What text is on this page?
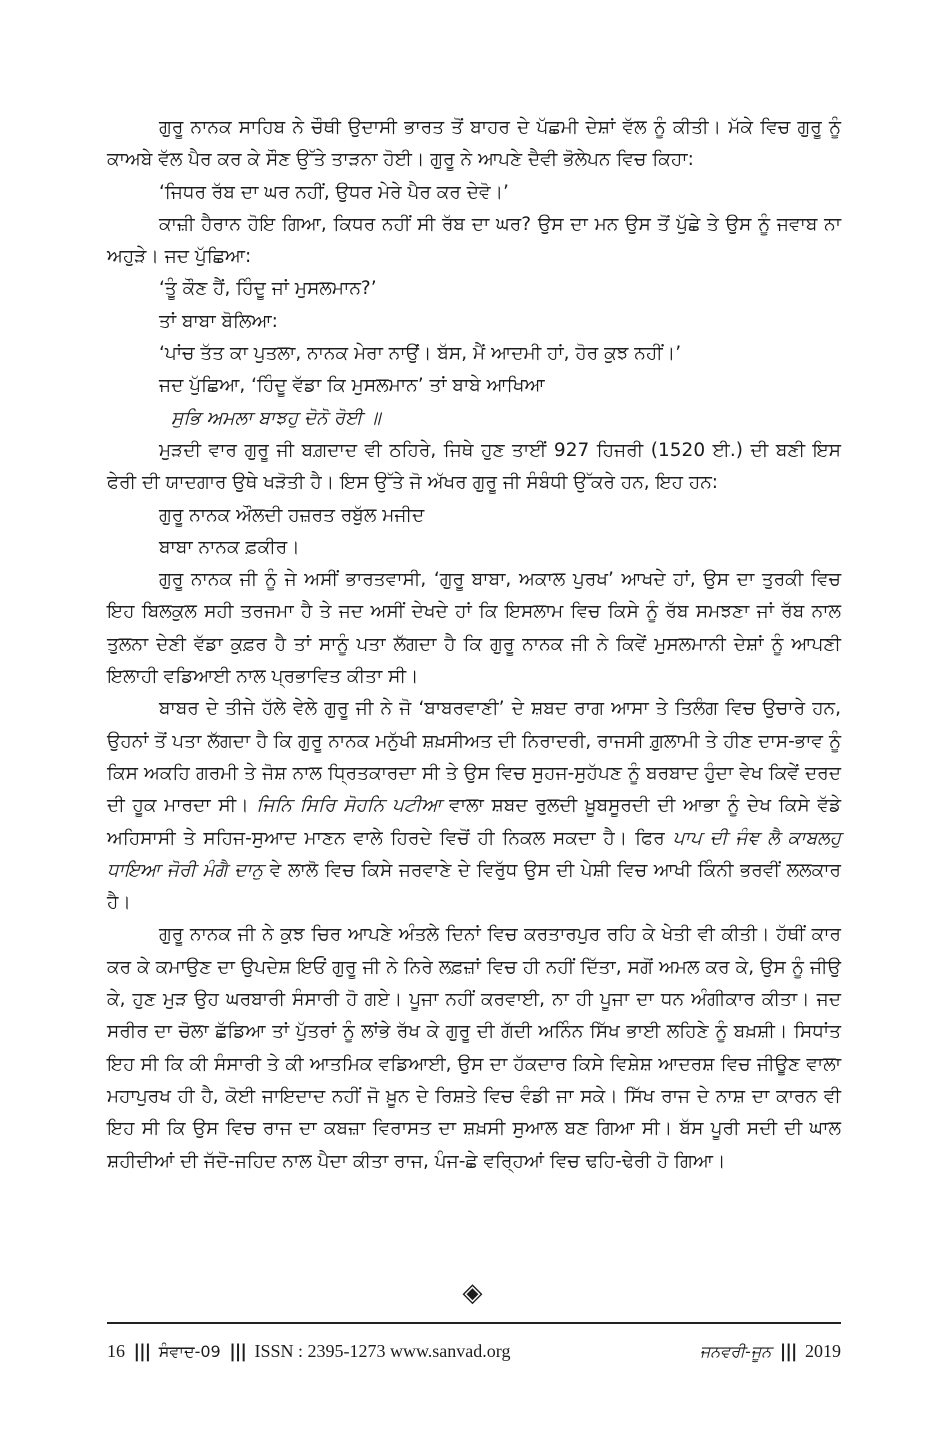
ਗੁਰੂ ਨਾਨਕ ਸਾਹਿਬ ਨੇ ਚੌਥੀ ਉਦਾਸੀ ਭਾਰਤ ਤੋਂ ਬਾਹਰ ਦੇ ਪੱਛਮੀ ਦੇਸ਼ਾਂ ਵੱਲ ਨੂੰ ਕੀਤੀ। ਮੱਕੇ ਵਿਚ ਗੁਰੂ ਨੂੰ ਕਾਅਬੇ ਵੱਲ ਪੈਰ ਕਰ ਕੇ ਸੌਣ ਉੱਤੇ ਤਾੜਨਾ ਹੋਈ। ਗੁਰੂ ਨੇ ਆਪਣੇ ਦੈਵੀ ਭੋਲੇਪਨ ਵਿਚ ਕਿਹਾ:

‘ਜਿਧਰ ਰੱਬ ਦਾ ਘਰ ਨਹੀਂ, ਉਧਰ ਮੇਰੇ ਪੈਰ ਕਰ ਦੇਵੋ।’

ਕਾਜ਼ੀ ਹੈਰਾਨ ਹੋਇ ਗਿਆ, ਕਿਧਰ ਨਹੀਂ ਸੀ ਰੱਬ ਦਾ ਘਰ? ਉਸ ਦਾ ਮਨ ਉਸ ਤੋਂ ਪੁੱਛੇ ਤੇ ਉਸ ਨੂੰ ਜਵਾਬ ਨਾ ਅਹੁੜੇ। ਜਦ ਪੁੱਛਿਆ:

‘ਤੂੰ ਕੌਣ ਹੈਂ, ਹਿੰਦੂ ਜਾਂ ਮੁਸਲਮਾਨ?’

ਤਾਂ ਬਾਬਾ ਬੋਲਿਆ:

‘ਪਾਂਚ ਤੱਤ ਕਾ ਪੁਤਲਾ, ਨਾਨਕ ਮੇਰਾ ਨਾਉਂ। ਬੱਸ, ਮੈਂ ਆਦਮੀ ਹਾਂ, ਹੋਰ ਕੁਝ ਨਹੀਂ।’

ਜਦ ਪੁੱਛਿਆ, ‘ਹਿੰਦੂ ਵੱਡਾ ਕਿ ਮੁਸਲਮਾਨ’ ਤਾਂ ਬਾਬੇ ਆਖਿਆ

ਸੁਭਿ ਅਮਲਾ ਬਾਝਹੁ ਦੋਨੋ ਰੋਈ ॥

ਮੁੜਦੀ ਵਾਰ ਗੁਰੂ ਜੀ ਬਗ਼ਦਾਦ ਵੀ ਠਹਿਰੇ, ਜਿਥੇ ਹੁਣ ਤਾਈਂ 927 ਹਿਜਰੀ (1520 ਈ.) ਦੀ ਬਣੀ ਇਸ ਫੇਰੀ ਦੀ ਯਾਦਗਾਰ ਉਥੇ ਖੜੋਤੀ ਹੈ। ਇਸ ਉੱਤੇ ਜੋ ਅੱਖਰ ਗੁਰੂ ਜੀ ਸੰਬੰਧੀ ਉੱਕਰੇ ਹਨ, ਇਹ ਹਨ:

ਗੁਰੂ ਨਾਨਕ ਔਲਦੀ ਹਜ਼ਰਤ ਰਬੁੱਲ ਮਜੀਦ

ਬਾਬਾ ਨਾਨਕ ਫ਼ਕੀਰ।

ਗੁਰੂ ਨਾਨਕ ਜੀ ਨੂੰ ਜੇ ਅਸੀਂ ਭਾਰਤਵਾਸੀ, ‘ਗੁਰੂ ਬਾਬਾ, ਅਕਾਲ ਪੁਰਖ’ ਆਖਦੇ ਹਾਂ, ਉਸ ਦਾ ਤੁਰਕੀ ਵਿਚ ਇਹ ਬਿਲਕੁਲ ਸਹੀ ਤਰਜਮਾ ਹੈ ਤੇ ਜਦ ਅਸੀਂ ਦੇਖਦੇ ਹਾਂ ਕਿ ਇਸਲਾਮ ਵਿਚ ਕਿਸੇ ਨੂੰ ਰੱਬ ਸਮਝਣਾ ਜਾਂ ਰੱਬ ਨਾਲ ਤੁਲਨਾ ਦੇਣੀ ਵੱਡਾ ਕੁਫ਼ਰ ਹੈ ਤਾਂ ਸਾਨੂੰ ਪਤਾ ਲੱਗਦਾ ਹੈ ਕਿ ਗੁਰੂ ਨਾਨਕ ਜੀ ਨੇ ਕਿਵੇਂ ਮੁਸਲਮਾਨੀ ਦੇਸ਼ਾਂ ਨੂੰ ਆਪਣੀ ਇਲਾਹੀ ਵਡਿਆਈ ਨਾਲ ਪ੍ਰਭਾਵਿਤ ਕੀਤਾ ਸੀ।

ਬਾਬਰ ਦੇ ਤੀਜੇ ਹੱਲੇ ਵੇਲੇ ਗੁਰੂ ਜੀ ਨੇ ਜੋ ‘ਬਾਬਰਵਾਣੀ’ ਦੇ ਸ਼ਬਦ ਰਾਗ ਆਸਾ ਤੇ ਤਿਲੰਗ ਵਿਚ ਉਚਾਰੇ ਹਨ, ਉਹਨਾਂ ਤੋਂ ਪਤਾ ਲੱਗਦਾ ਹੈ ਕਿ ਗੁਰੂ ਨਾਨਕ ਮਨੁੱਖੀ ਸ਼ਖ਼ਸੀਅਤ ਦੀ ਨਿਰਾਦਰੀ, ਰਾਜਸੀ ਗ਼ੁਲਾਮੀ ਤੇ ਹੀਣ ਦਾਸ-ਭਾਵ ਨੂੰ ਕਿਸ ਅਕਹਿ ਗਰਮੀ ਤੇ ਜੋਸ਼ ਨਾਲ ਧ੍ਰਿਤਕਾਰਦਾ ਸੀ ਤੇ ਉਸ ਵਿਚ ਸੁਹਜ-ਸੁਹੱਪਣ ਨੂੰ ਬਰਬਾਦ ਹੁੰਦਾ ਵੇਖ ਕਿਵੇਂ ਦਰਦ ਦੀ ਹੂਕ ਮਾਰਦਾ ਸੀ। ਜਿਨਿ ਸਿਰਿ ਸੋਹਨਿ ਪਟੀਆ ਵਾਲਾ ਸ਼ਬਦ ਰੁਲਦੀ ਖ਼ੂਬਸੂਰਦੀ ਦੀ ਆਭਾ ਨੂੰ ਦੇਖ ਕਿਸੇ ਵੱਡੇ ਅਹਿਸਾਸੀ ਤੇ ਸਹਿਜ-ਸੁਆਦ ਮਾਣਨ ਵਾਲੇ ਹਿਰਦੇ ਵਿਚੋਂ ਹੀ ਨਿਕਲ ਸਕਦਾ ਹੈ। ਫਿਰ ਪਾਪ ਦੀ ਜੰਞ ਲੈ ਕਾਬਲਹੁ ਧਾਇਆ ਜੋਰੀ ਮੰਗੈ ਦਾਨੁ ਵੇ ਲਾਲੋ ਵਿਚ ਕਿਸੇ ਜਰਵਾਣੇ ਦੇ ਵਿਰੁੱਧ ਉਸ ਦੀ ਪੇਸ਼ੀ ਵਿਚ ਆਖੀ ਕਿੰਨੀ ਭਰਵੀਂ ਲਲਕਾਰ ਹੈ।

ਗੁਰੂ ਨਾਨਕ ਜੀ ਨੇ ਕੁਝ ਚਿਰ ਆਪਣੇ ਅੰਤਲੇ ਦਿਨਾਂ ਵਿਚ ਕਰਤਾਰਪੁਰ ਰਹਿ ਕੇ ਖੇਤੀ ਵੀ ਕੀਤੀ। ਹੱਥੀਂ ਕਾਰ ਕਰ ਕੇ ਕਮਾਉਣ ਦਾ ਉਪਦੇਸ਼ ਇਓਂ ਗੁਰੂ ਜੀ ਨੇ ਨਿਰੇ ਲਫ਼ਜ਼ਾਂ ਵਿਚ ਹੀ ਨਹੀਂ ਦਿੱਤਾ, ਸਗੋਂ ਅਮਲ ਕਰ ਕੇ, ਉਸ ਨੂੰ ਜੀਉ ਕੇ, ਹੁਣ ਮੁੜ ਉਹ ਘਰਬਾਰੀ ਸੰਸਾਰੀ ਹੋ ਗਏ। ਪੂਜਾ ਨਹੀਂ ਕਰਵਾਈ, ਨਾ ਹੀ ਪੂਜਾ ਦਾ ਧਨ ਅੰਗੀਕਾਰ ਕੀਤਾ। ਜਦ ਸਰੀਰ ਦਾ ਚੋਲਾ ਛੱਡਿਆ ਤਾਂ ਪੁੱਤਰਾਂ ਨੂੰ ਲਾਂਭੇ ਰੱਖ ਕੇ ਗੁਰੂ ਦੀ ਗੱਦੀ ਅਨਿੰਨ ਸਿੱਖ ਭਾਈ ਲਹਿਣੇ ਨੂੰ ਬਖ਼ਸ਼ੀ। ਸਿਧਾਂਤ ਇਹ ਸੀ ਕਿ ਕੀ ਸੰਸਾਰੀ ਤੇ ਕੀ ਆਤਮਿਕ ਵਡਿਆਈ, ਉਸ ਦਾ ਹੱਕਦਾਰ ਕਿਸੇ ਵਿਸ਼ੇਸ਼ ਆਦਰਸ਼ ਵਿਚ ਜੀਊਣ ਵਾਲਾ ਮਹਾਪੁਰਖ ਹੀ ਹੈ, ਕੋਈ ਜਾਇਦਾਦ ਨਹੀਂ ਜੋ ਖ਼ੂਨ ਦੇ ਰਿਸ਼ਤੇ ਵਿਚ ਵੰਡੀ ਜਾ ਸਕੇ। ਸਿੱਖ ਰਾਜ ਦੇ ਨਾਸ਼ ਦਾ ਕਾਰਨ ਵੀ ਇਹ ਸੀ ਕਿ ਉਸ ਵਿਚ ਰਾਜ ਦਾ ਕਬਜ਼ਾ ਵਿਰਾਸਤ ਦਾ ਸ਼ਖ਼ਸੀ ਸੁਆਲ ਬਣ ਗਿਆ ਸੀ। ਬੱਸ ਪੂਰੀ ਸਦੀ ਦੀ ਘਾਲ ਸ਼ਹੀਦੀਆਂ ਦੀ ਜੱਦੋ-ਜਹਿਦ ਨਾਲ ਪੈਦਾ ਕੀਤਾ ਰਾਜ, ਪੰਜ-ਛੇ ਵਰ੍ਹਿਆਂ ਵਿਚ ਢਹਿ-ਢੇਰੀ ਹੋ ਗਿਆ।

◈
16 ||| ਸੰਵਾਦ-09 ||| ISSN : 2395-1273 www.sanvad.org	ਜਨਵਰੀ-ਜੂਨ ||| 2019
